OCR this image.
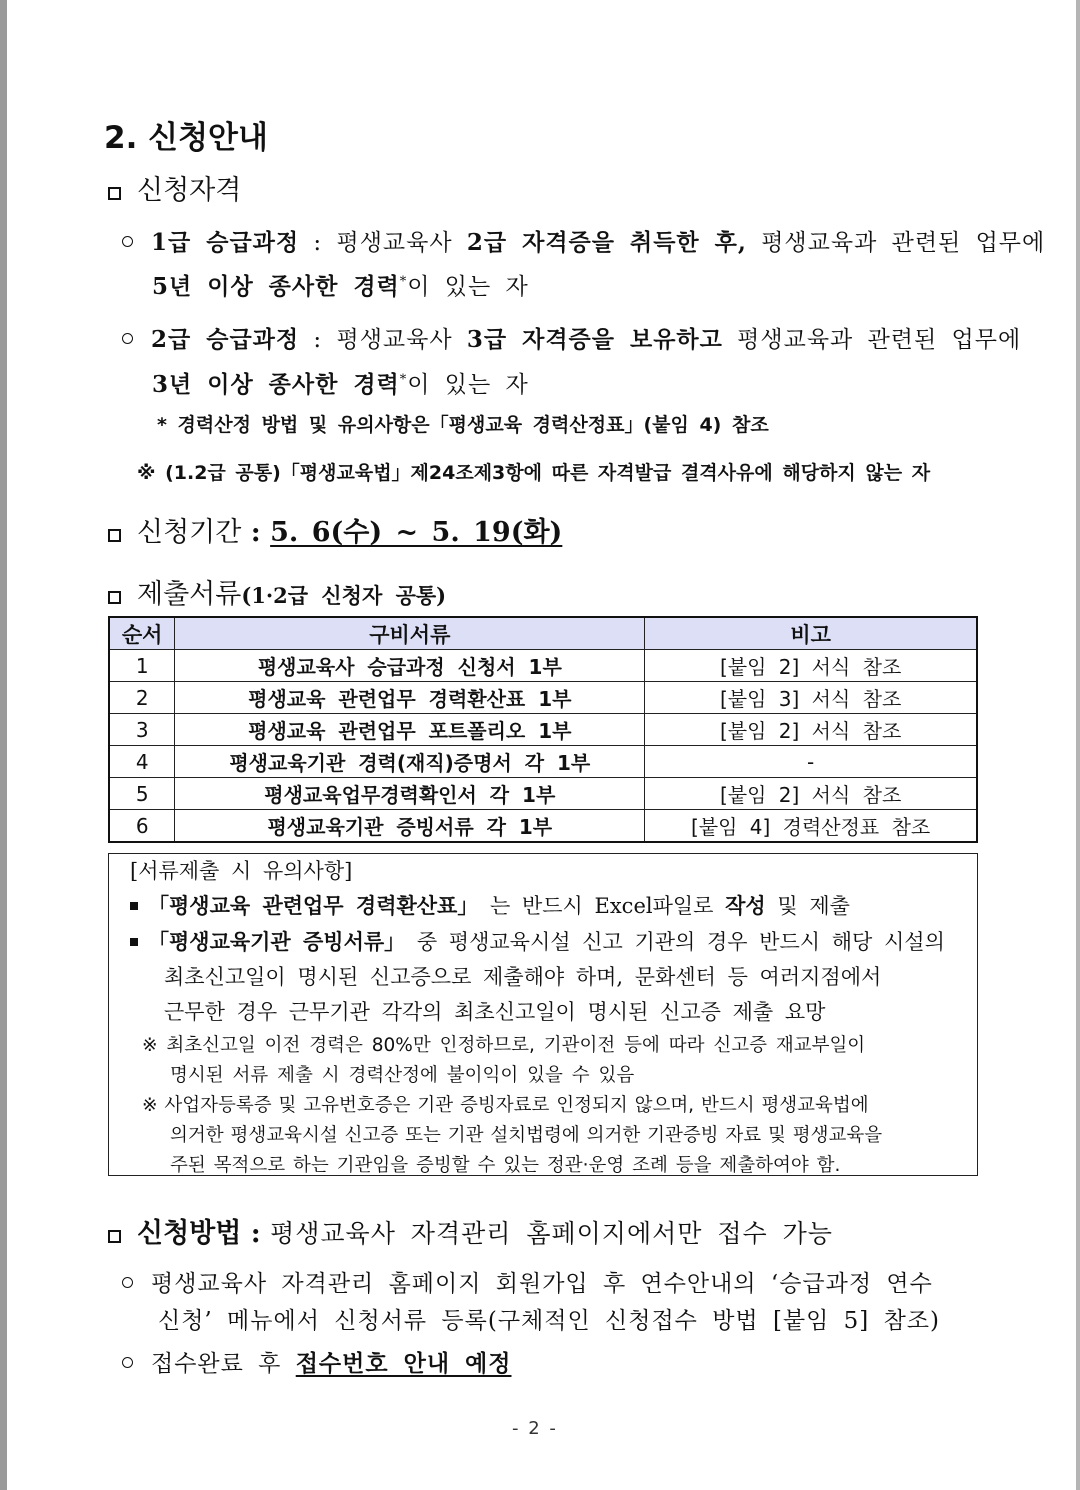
2. 신청안내
신청자격
1급 승급과정 : 평생교육사 2급 자격증을 취득한 후, 평생교육과 관련된 업무에
5년 이상 종사한 경력*이 있는 자
2급 승급과정 : 평생교육사 3급 자격증을 보유하고 평생교육과 관련된 업무에
3년 이상 종사한 경력*이 있는 자
* 경력산정 방법 및 유의사항은「평생교육 경력산정표」(붙임 4) 참조
※ (1.2급 공통)「평생교육법」제24조제3항에 따른 자격발급 결격사유에 해당하지 않는 자
신청기간 : 5. 6(수) ~ 5. 19(화)
제출서류(1·2급 신청자 공통)
순서	구비서류	비고
1	평생교육사 승급과정 신청서 1부	[붙임 2] 서식 참조
2	평생교육 관련업무 경력환산표 1부	[붙임 3] 서식 참조
3	평생교육 관련업무 포트폴리오 1부	[붙임 2] 서식 참조
4	평생교육기관 경력(재직)증명서 각 1부	-
5	평생교육업무경력확인서 각 1부	[붙임 2] 서식 참조
6	평생교육기관 증빙서류 각 1부	[붙임 4] 경력산정표 참조
[서류제출 시 유의사항]
「평생교육 관련업무 경력환산표」 는 반드시 Excel파일로 작성 및 제출
「평생교육기관 증빙서류」 중 평생교육시설 신고 기관의 경우 반드시 해당 시설의
최초신고일이 명시된 신고증으로 제출해야 하며, 문화센터 등 여러지점에서
근무한 경우 근무기관 각각의 최초신고일이 명시된 신고증 제출 요망
※ 최초신고일 이전 경력은 80%만 인정하므로, 기관이전 등에 따라 신고증 재교부일이
명시된 서류 제출 시 경력산정에 불이익이 있을 수 있음
※ 사업자등록증 및 고유번호증은 기관 증빙자료로 인정되지 않으며, 반드시 평생교육법에
의거한 평생교육시설 신고증 또는 기관 설치법령에 의거한 기관증빙 자료 및 평생교육을
주된 목적으로 하는 기관임을 증빙할 수 있는 정관·운영 조례 등을 제출하여야 함.
신청방법 : 평생교육사 자격관리 홈페이지에서만 접수 가능
평생교육사 자격관리 홈페이지 회원가입 후 연수안내의 ‘승급과정 연수
신청’ 메뉴에서 신청서류 등록(구체적인 신청접수 방법 [붙임 5] 참조)
접수완료 후 접수번호 안내 예정
- 2 -
